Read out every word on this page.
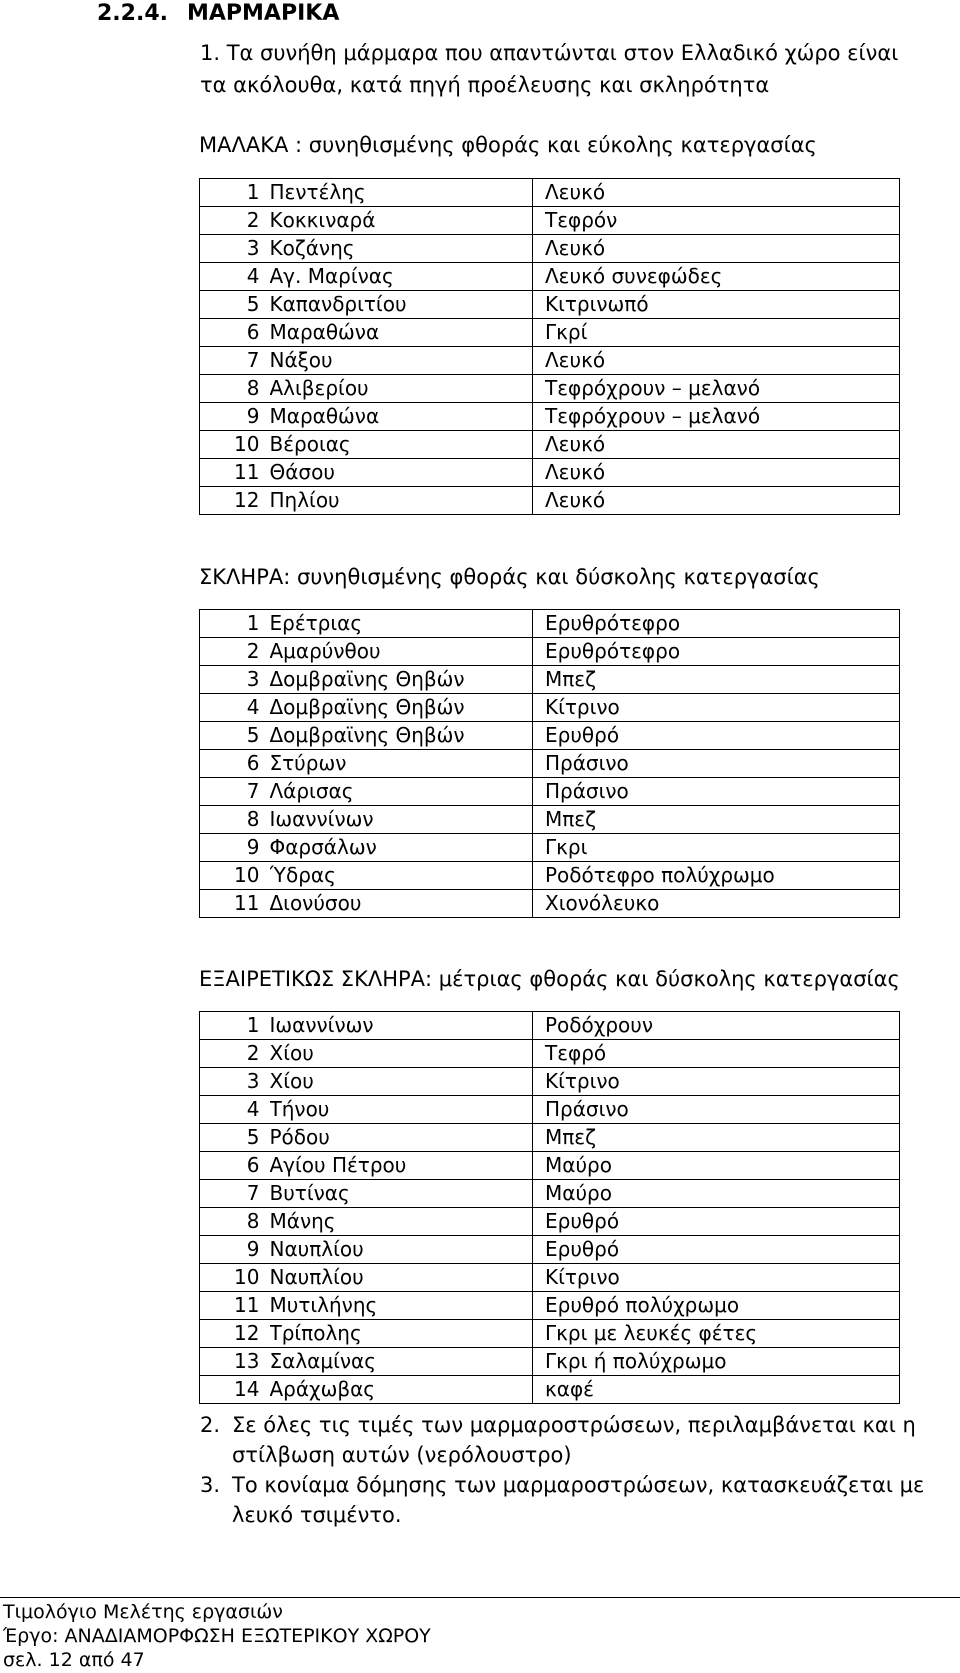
2.2.4. ΜΑΡΜΑΡΙΚΑ
1. Τα συνήθη μάρμαρα που απαντώνται στον Ελλαδικό χώρο είναι
τα ακόλουθα, κατά πηγή προέλευσης και σκληρότητα
ΜΑΛΑΚΑ : συνηθισμένης φθοράς και εύκολης κατεργασίας
1	Πεντέλης	Λευκό
2	Κοκκιναρά	Τεφρόν
3	Κοζάνης	Λευκό
4	Αγ. Μαρίνας	Λευκό συνεφώδες
5	Καπανδριτίου	Κιτρινωπό
6	Μαραθώνα	Γκρί
7	Νάξου	Λευκό
8	Αλιβερίου	Τεφρόχρουν – μελανό
9	Μαραθώνα	Τεφρόχρουν – μελανό
10	Βέροιας	Λευκό
11	Θάσου	Λευκό
12	Πηλίου	Λευκό
ΣΚΛΗΡΑ: συνηθισμένης φθοράς και δύσκολης κατεργασίας
1	Ερέτριας	Ερυθρότεφρο
2	Αμαρύνθου	Ερυθρότεφρο
3	Δομβραϊνης Θηβών	Μπεζ
4	Δομβραϊνης Θηβών	Κίτρινο
5	Δομβραϊνης Θηβών	Ερυθρό
6	Στύρων	Πράσινο
7	Λάρισας	Πράσινο
8	Ιωαννίνων	Μπεζ
9	Φαρσάλων	Γκρι
10	Ύδρας	Ροδότεφρο πολύχρωμο
11	Διονύσου	Χιονόλευκο
ΕΞΑΙΡΕΤΙΚΩΣ ΣΚΛΗΡΑ: μέτριας φθοράς και δύσκολης κατεργασίας
1	Ιωαννίνων	Ροδόχρουν
2	Χίου	Τεφρό
3	Χίου	Κίτρινο
4	Τήνου	Πράσινο
5	Ρόδου	Μπεζ
6	Αγίου Πέτρου	Μαύρο
7	Βυτίνας	Μαύρο
8	Μάνης	Ερυθρό
9	Ναυπλίου	Ερυθρό
10	Ναυπλίου	Κίτρινο
11	Μυτιλήνης	Ερυθρό πολύχρωμο
12	Τρίπολης	Γκρι με λευκές φέτες
13	Σαλαμίνας	Γκρι ή πολύχρωμο
14	Αράχωβας	καφέ
2. Σε όλες τις τιμές των μαρμαροστρώσεων, περιλαμβάνεται και η
στίλβωση αυτών (νερόλουστρο)
3. Το κονίαμα δόμησης των μαρμαροστρώσεων, κατασκευάζεται με
λευκό τσιμέντο.
Τιμολόγιο Μελέτης εργασιών
Έργο: ΑΝΑΔΙΑΜΟΡΦΩΣΗ ΕΞΩΤΕΡΙΚΟΥ ΧΩΡΟΥ
σελ. 12 από 47
